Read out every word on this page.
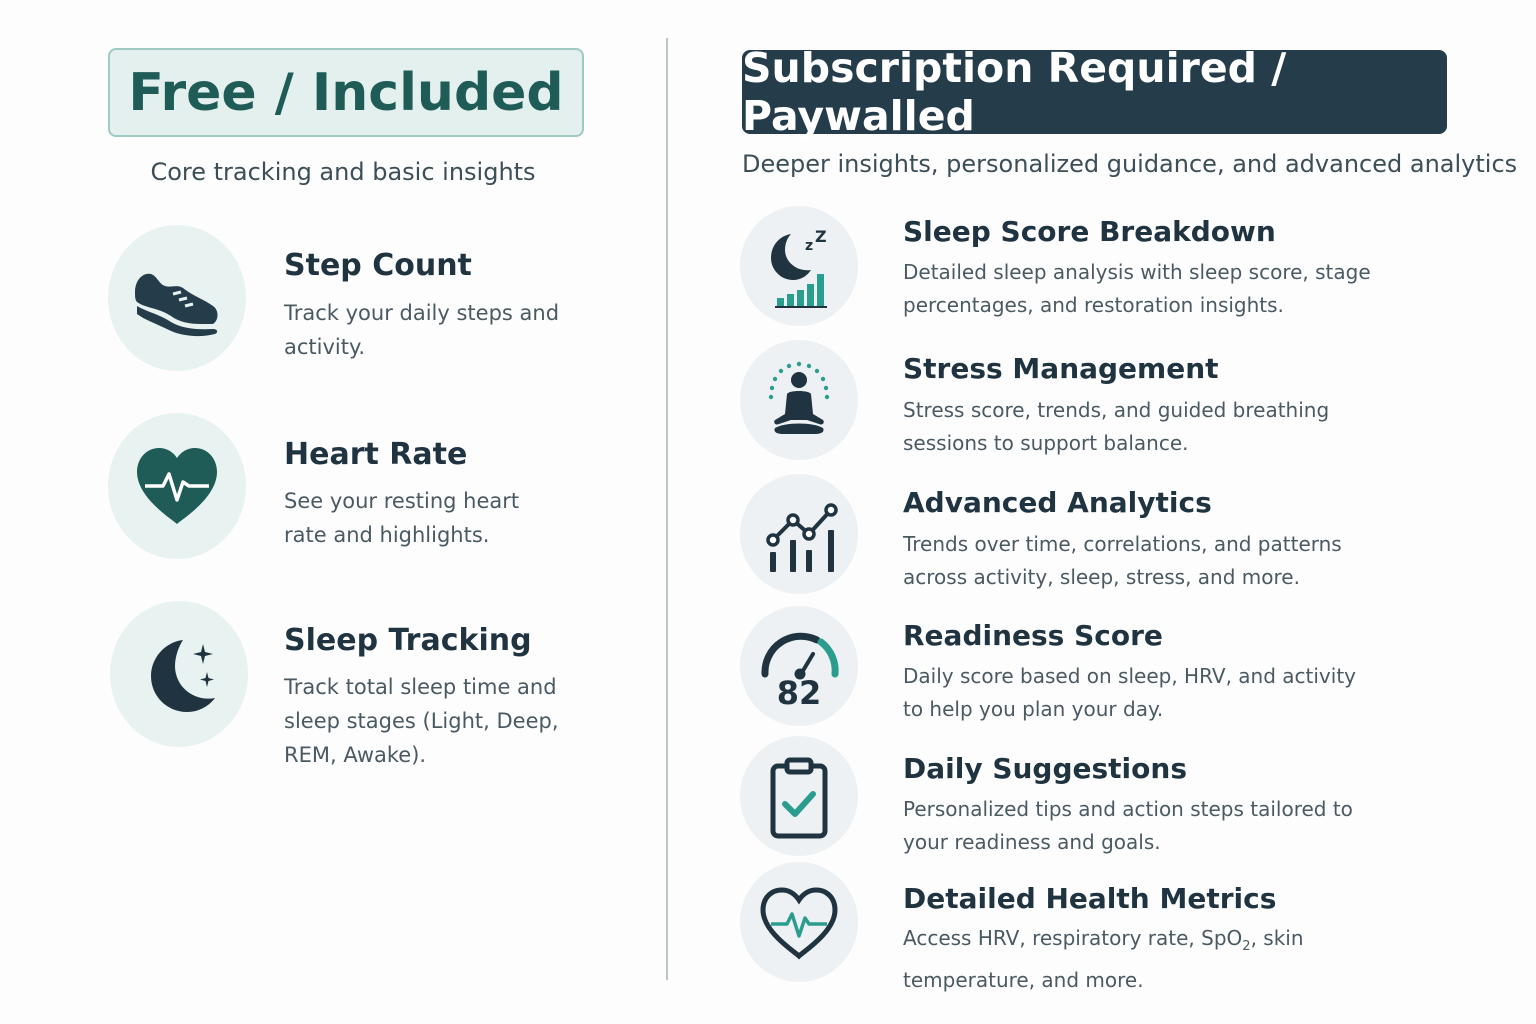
Free / Included
Core tracking and basic insights
Step Count
Track your daily steps and activity.
Heart Rate
See your resting heart rate and highlights.
Sleep Tracking
Track total sleep time and sleep stages (Light, Deep, REM, Awake).
Subscription Required / Paywalled
Deeper insights, personalized guidance, and advanced analytics
z Z	Sleep Score Breakdown
Detailed sleep analysis with sleep score, stage percentages, and restoration insights.
Stress Management
Stress score, trends, and guided breathing sessions to support balance.
Advanced Analytics
Trends over time, correlations, and patterns across activity, sleep, stress, and more.
82
Readiness Score
Daily score based on sleep, HRV, and activity to help you plan your day.
Daily Suggestions
Personalized tips and action steps tailored to your readiness and goals.
Detailed Health Metrics
Access HRV, respiratory rate, SpO$_2$, skin temperature, and more.
